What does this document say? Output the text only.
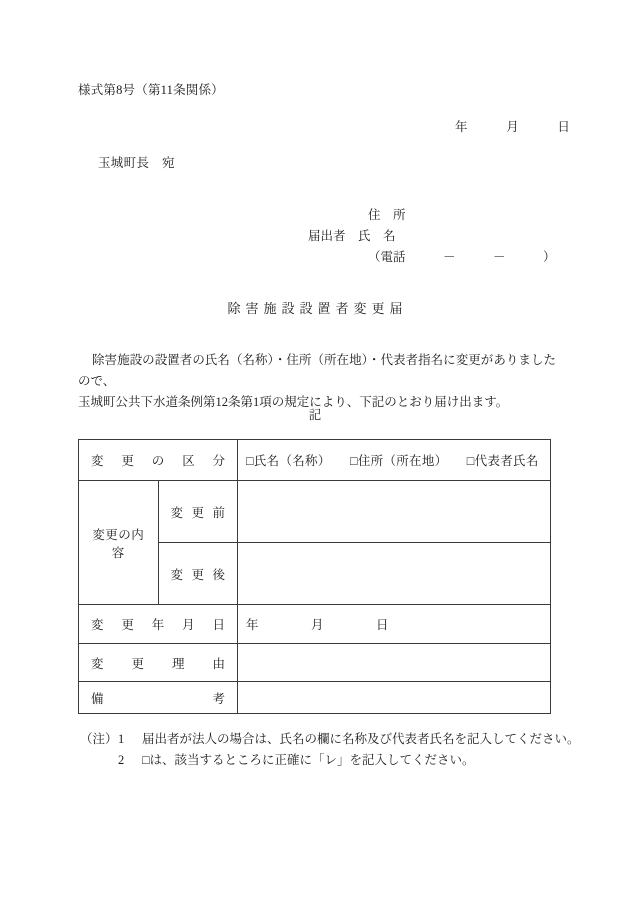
様式第8号（第11条関係）
年　　　月　　　日
玉城町長　宛
住　所
届出者　氏　名
（電話　　　－　　　－　　　）
除害施設設置者変更届
除害施設の設置者の氏名（名称）・住所（所在地）・代表者指名に変更がありましたので、
玉城町公共下水道条例第12条第1項の規定により、下記のとおり届け出ます。
記
変 更 の 区 分		□氏名（名称）　　□住所（所在地）　　□代表者氏名
変更の内容	変 更 前	

	変 更 後	

変 更 年 月 日		年　　　　月　　　　日

変 更 理 由		

備 考		

（注） 1	届出者が法人の場合は、氏名の欄に名称及び代表者氏名を記入してください。
2	□は、該当するところに正確に「レ」を記入してください。
